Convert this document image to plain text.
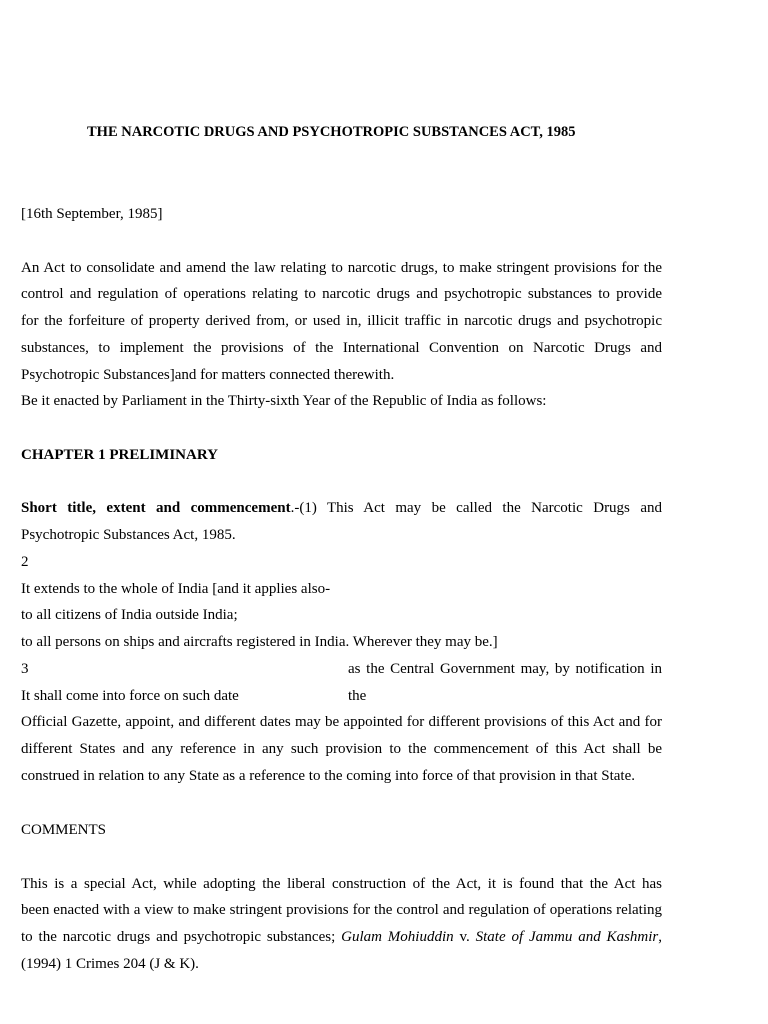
THE NARCOTIC DRUGS AND PSYCHOTROPIC SUBSTANCES ACT, 1985
[16th September, 1985]
An Act to consolidate and amend the law relating to narcotic drugs, to make stringent provisions for the
control and regulation of operations relating to narcotic drugs and psychotropic substances to provide
for the forfeiture of property derived from, or used in, illicit traffic in narcotic drugs and psychotropic
substances, to implement the provisions of the International Convention on Narcotic Drugs and
Psychotropic Substances]and for matters connected therewith.
Be it enacted by Parliament in the Thirty-sixth Year of the Republic of India as follows:
CHAPTER 1 PRELIMINARY
Short title, extent and commencement.-(1) This Act may be called the Narcotic Drugs and
Psychotropic Substances Act, 1985.
2
It extends to the whole of India [and it applies also-
to all citizens of India outside India;
to all persons on ships and aircrafts registered in India. Wherever they may be.]
3	as the Central Government may, by notification in
It shall come into force on such date	the
Official Gazette, appoint, and different dates may be appointed for different provisions of this Act and for
different States and any reference in any such provision to the commencement of this Act shall be
construed in relation to any State as a reference to the coming into force of that provision in that State.
COMMENTS
This is a special Act, while adopting the liberal construction of the Act, it is found that the Act has
been enacted with a view to make stringent provisions for the control and regulation of operations relating
to the narcotic drugs and psychotropic substances; Gulam Mohiuddin v. State of Jammu and Kashmir,
(1994) 1 Crimes 204 (J & K).
